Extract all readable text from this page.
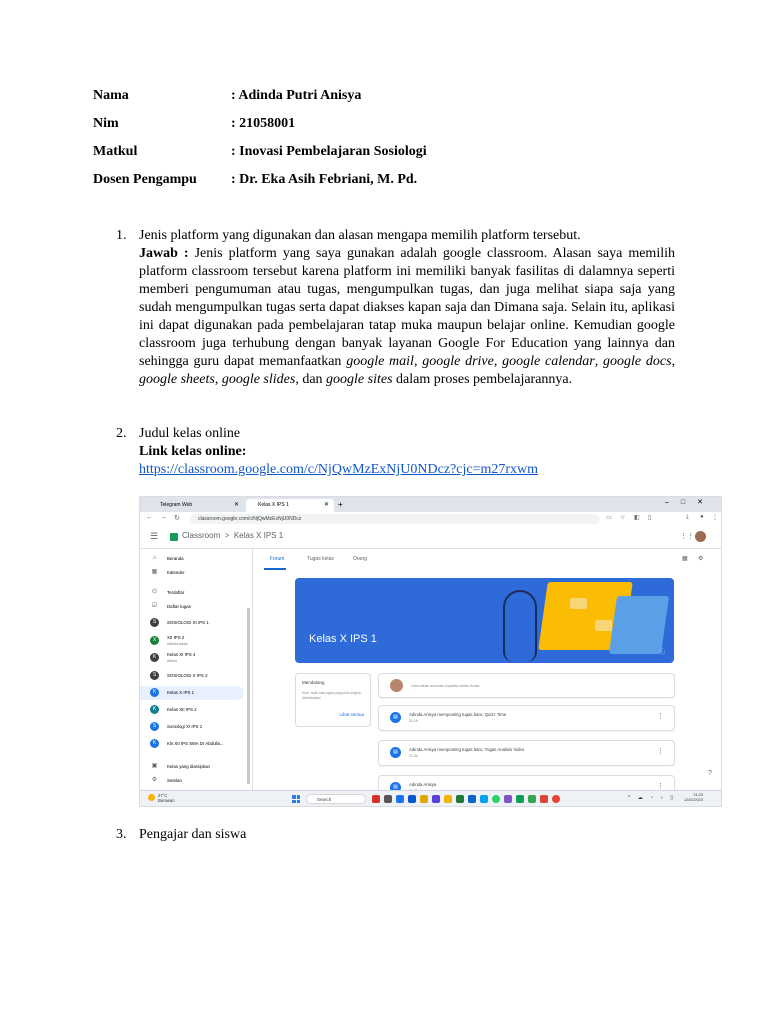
Nama	: Adinda Putri Anisya
Nim	: 21058001
Matkul	: Inovasi Pembelajaran Sosiologi
Dosen Pengampu : Dr. Eka Asih Febriani, M. Pd.
1. Jenis platform yang digunakan dan alasan mengapa memilih platform tersebut.
Jawab : Jenis platform yang saya gunakan adalah google classroom. Alasan saya memilih platform classroom tersebut karena platform ini memiliki banyak fasilitas di dalamnya seperti memberi pengumuman atau tugas, mengumpulkan tugas, dan juga melihat siapa saja yang sudah mengumpulkan tugas serta dapat diakses kapan saja dan Dimana saja. Selain itu, aplikasi ini dapat digunakan pada pembelajaran tatap muka maupun belajar online. Kemudian google classroom juga terhubung dengan banyak layanan Google For Education yang lainnya dan sehingga guru dapat memanfaatkan google mail, google drive, google calendar, google docs, google sheets, google slides, dan google sites dalam proses pembelajarannya.
2. Judul kelas online
Link kelas online:
https://classroom.google.com/c/NjQwMzExNjU0NDcz?cjc=m27rxwm
Telegram Web	✕	Kelas X IPS 1	✕ +	–□✕
← → ↻	classroom.google.com/c/NjQwMzExNjU0NDcz	▭ ☆ ◧ ▯	⤓ ● ⋮
☰	Classroom > Kelas X IPS 1	⋮⋮
⌂	Beranda
▦	Kalender
⌬	Terdaftar
☑	Daftar tugas
S	SOSIOLOGI XI IPS 1
X	XII IPS 2
Adinda Addia
K	Kelas XI IPS 4
Admin
S	SOSIOLOGI X IPS 2
K	Kelas X IPS 1
K	Kelas XII IPS 2
S	Sosiologi XI IPS 1
K	Kls XII IPS SMA Dr Abdulla...
▣	Kelas yang diarsipkan
⚙	Setelan
Forum	Tugas kelas	Orang	▦ ⚙
Kelas X IPS 1
ⓘ
Mendatang
Hore, tidak ada tugas yang perlu segera diselesaikan!
Lihat semua
Umumkan sesuatu kepada kelas Anda
▤	Adinda Anisya memposting tugas baru: Quizz Time
21.19
⋮
▤	Adinda Anisya memposting tugas baru: Tugas Analisis Video
21.04
⋮
▤	Adinda Anisya	⋮
?
27°C
Berawan	Search	^ ☁ ◔ ♪ ▯	21.23
12/02/2023
3. Pengajar dan siswa
